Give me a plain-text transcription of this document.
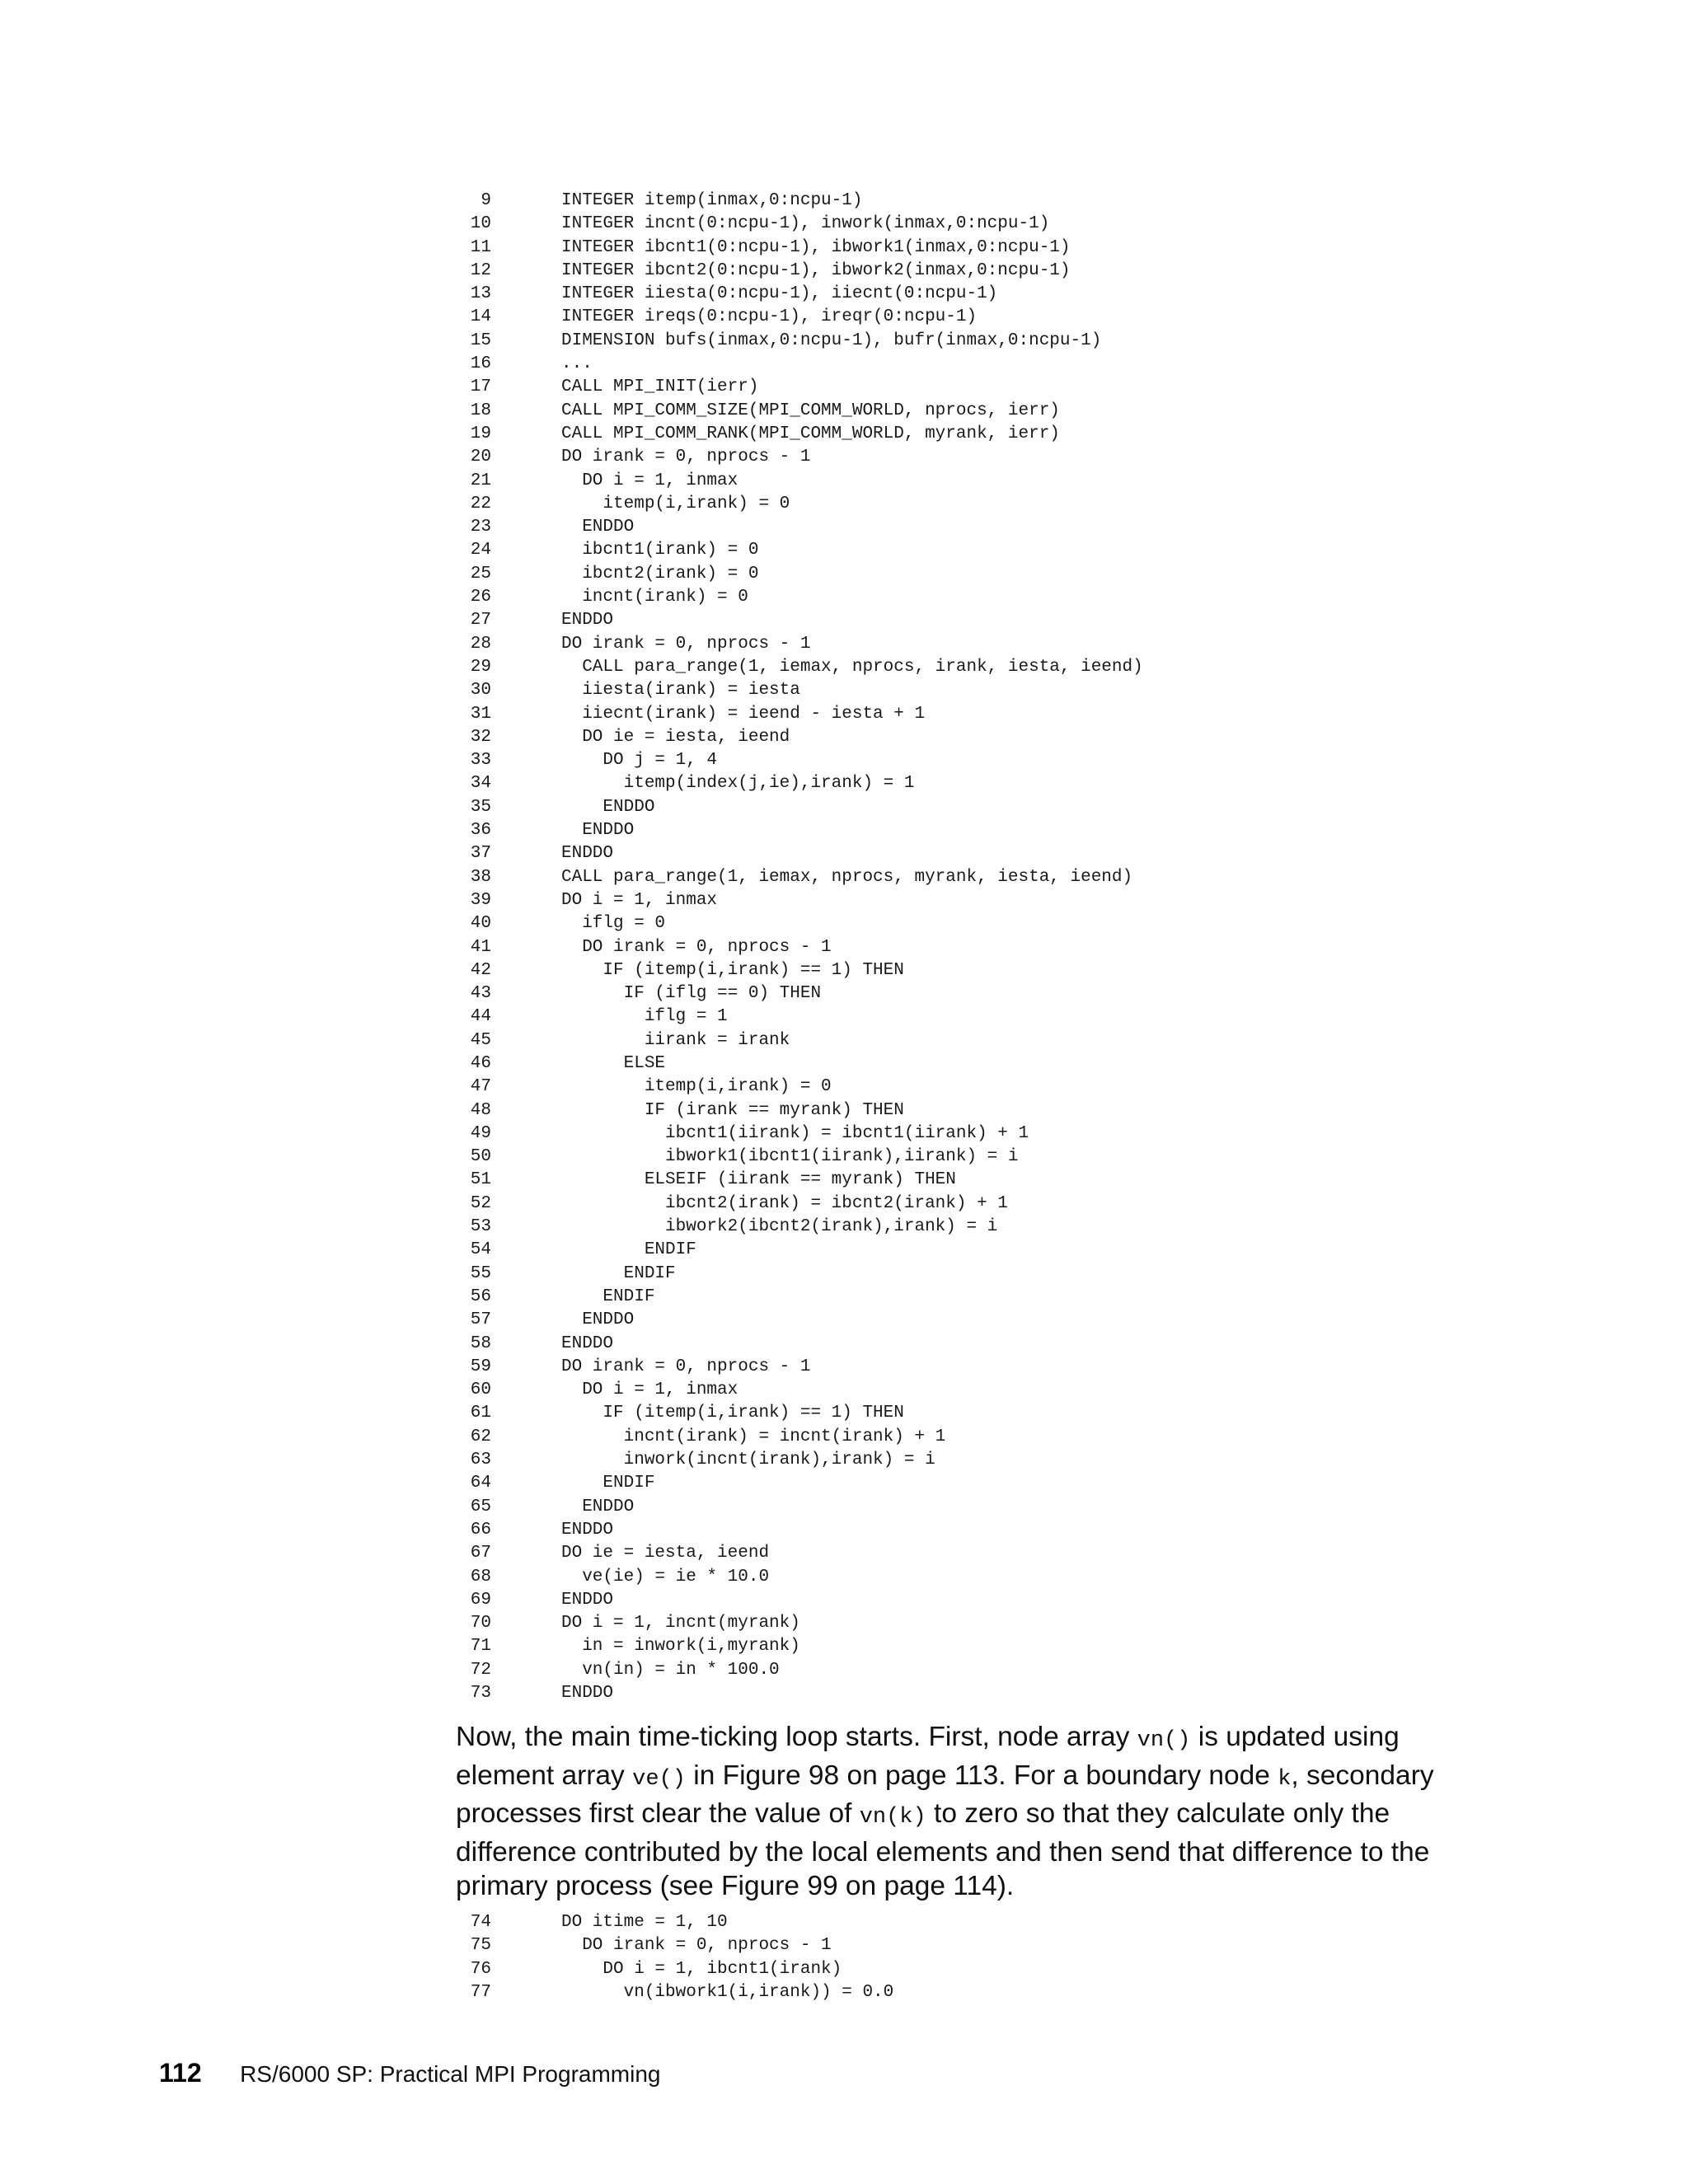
9	INTEGER itemp(inmax,0:ncpu-1)
10	INTEGER incnt(0:ncpu-1), inwork(inmax,0:ncpu-1)
11	INTEGER ibcnt1(0:ncpu-1), ibwork1(inmax,0:ncpu-1)
12	INTEGER ibcnt2(0:ncpu-1), ibwork2(inmax,0:ncpu-1)
13	INTEGER iiesta(0:ncpu-1), iiecnt(0:ncpu-1)
14	INTEGER ireqs(0:ncpu-1), ireqr(0:ncpu-1)
15	DIMENSION bufs(inmax,0:ncpu-1), bufr(inmax,0:ncpu-1)
16	...
17	CALL MPI_INIT(ierr)
18	CALL MPI_COMM_SIZE(MPI_COMM_WORLD, nprocs, ierr)
19	CALL MPI_COMM_RANK(MPI_COMM_WORLD, myrank, ierr)
20	DO irank = 0, nprocs - 1
21	DO i = 1, inmax
22	itemp(i,irank) = 0
23	ENDDO
24	ibcnt1(irank) = 0
25	ibcnt2(irank) = 0
26	incnt(irank) = 0
27	ENDDO
28	DO irank = 0, nprocs - 1
29	CALL para_range(1, iemax, nprocs, irank, iesta, ieend)
30	iiesta(irank) = iesta
31	iiecnt(irank) = ieend - iesta + 1
32	DO ie = iesta, ieend
33	DO j = 1, 4
34	itemp(index(j,ie),irank) = 1
35	ENDDO
36	ENDDO
37	ENDDO
38	CALL para_range(1, iemax, nprocs, myrank, iesta, ieend)
39	DO i = 1, inmax
40	iflg = 0
41	DO irank = 0, nprocs - 1
42	IF (itemp(i,irank) == 1) THEN
43	IF (iflg == 0) THEN
44	iflg = 1
45	iirank = irank
46	ELSE
47	itemp(i,irank) = 0
48	IF (irank == myrank) THEN
49	ibcnt1(iirank) = ibcnt1(iirank) + 1
50	ibwork1(ibcnt1(iirank),iirank) = i
51	ELSEIF (iirank == myrank) THEN
52	ibcnt2(irank) = ibcnt2(irank) + 1
53	ibwork2(ibcnt2(irank),irank) = i
54	ENDIF
55	ENDIF
56	ENDIF
57	ENDDO
58	ENDDO
59	DO irank = 0, nprocs - 1
60	DO i = 1, inmax
61	IF (itemp(i,irank) == 1) THEN
62	incnt(irank) = incnt(irank) + 1
63	inwork(incnt(irank),irank) = i
64	ENDIF
65	ENDDO
66	ENDDO
67	DO ie = iesta, ieend
68	ve(ie) = ie * 10.0
69	ENDDO
70	DO i = 1, incnt(myrank)
71	in = inwork(i,myrank)
72	vn(in) = in * 100.0
73	ENDDO

Now, the main time-ticking loop starts. First, node array vn() is updated using element array ve() in Figure 98 on page 113. For a boundary node k, secondary processes first clear the value of vn(k) to zero so that they calculate only the difference contributed by the local elements and then send that difference to the primary process (see Figure 99 on page 114).

74	DO itime = 1, 10
75	DO irank = 0, nprocs - 1
76	DO i = 1, ibcnt1(irank)
77	vn(ibwork1(i,irank)) = 0.0
112 RS/6000 SP: Practical MPI Programming
